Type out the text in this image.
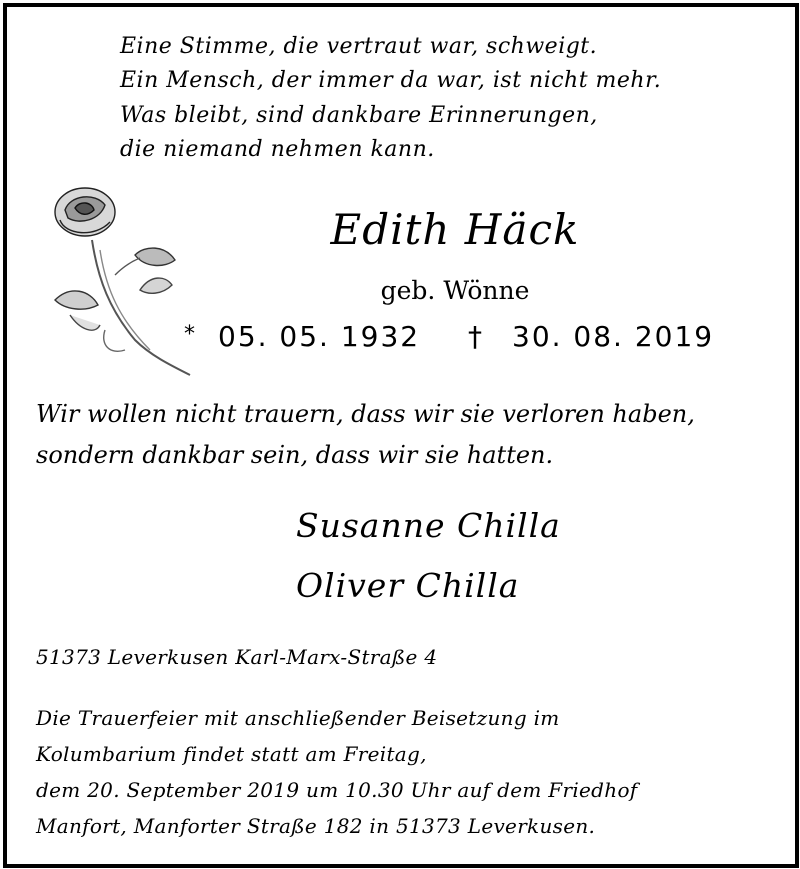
Eine Stimme, die vertraut war, schweigt.
Ein Mensch, der immer da war, ist nicht mehr.
Was bleibt, sind dankbare Erinnerungen,
die niemand nehmen kann.
Edith Häck
geb. Wönne
* 05. 05. 1932 † 30. 08. 2019
Wir wollen nicht trauern, dass wir sie verloren haben,
sondern dankbar sein, dass wir sie hatten.
Susanne Chilla
Oliver Chilla
51373 Leverkusen Karl-Marx-Straße 4
Die Trauerfeier mit anschließender Beisetzung im
Kolumbarium findet statt am Freitag,
dem 20. September 2019 um 10.30 Uhr auf dem Friedhof
Manfort, Manforter Straße 182 in 51373 Leverkusen.
